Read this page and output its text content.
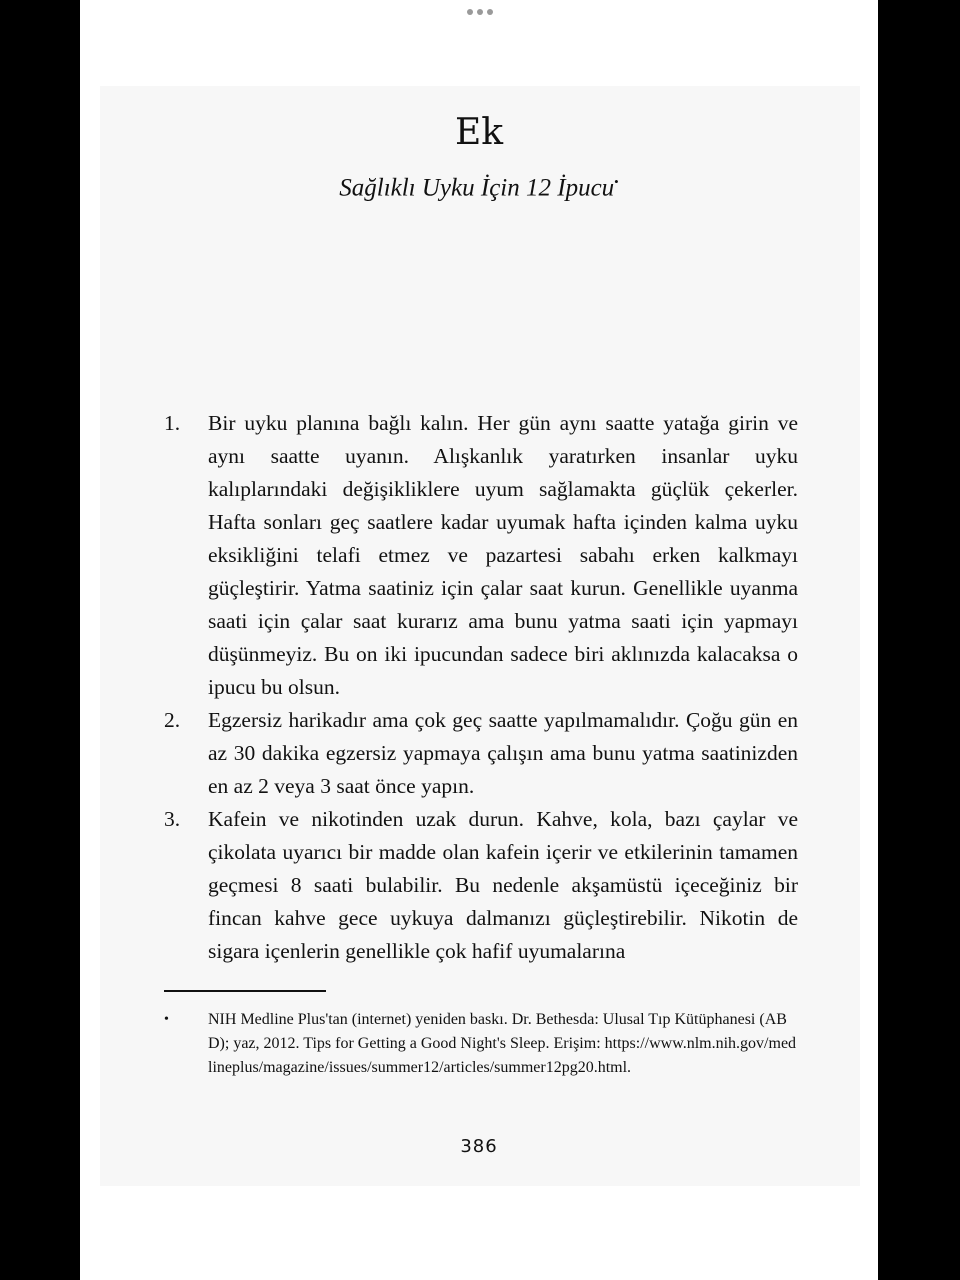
Ek
Sağlıklı Uyku İçin 12 İpucu•
1.	Bir uyku planına bağlı kalın. Her gün aynı saatte yatağa girin ve aynı saatte uyanın. Alışkanlık yaratırken insanlar uyku kalıplarındaki değişikliklere uyum sağlamakta güçlük çekerler. Hafta sonları geç saatlere kadar uyumak hafta içinden kalma uyku eksikliğini telafi etmez ve pazartesi sabahı erken kalkmayı güçleştirir. Yatma saatiniz için çalar saat kurun. Genellikle uyanma saati için çalar saat kurarız ama bunu yatma saati için yapmayı düşünmeyiz. Bu on iki ipucundan sadece biri aklınızda kalacaksa o ipucu bu olsun.
2.	Egzersiz harikadır ama çok geç saatte yapılmamalıdır. Çoğu gün en az 30 dakika egzersiz yapmaya çalışın ama bunu yatma saatinizden en az 2 veya 3 saat önce yapın.
3.	Kafein ve nikotinden uzak durun. Kahve, kola, bazı çaylar ve çikolata uyarıcı bir madde olan kafein içerir ve etkilerinin tamamen geçmesi 8 saati bulabilir. Bu nedenle akşamüstü içeceğiniz bir fincan kahve gece uykuya dalmanızı güçleştirebilir. Nikotin de sigara içenlerin genellikle çok hafif uyumalarına
•	NIH Medline Plus'tan (internet) yeniden baskı. Dr. Bethesda: Ulusal Tıp Kütüphanesi (ABD); yaz, 2012. Tips for Getting a Good Night's Sleep. Erişim: https://www.nlm.nih.gov/medlineplus/magazine/issues/summer12/articles/summer12pg20.html.
386
